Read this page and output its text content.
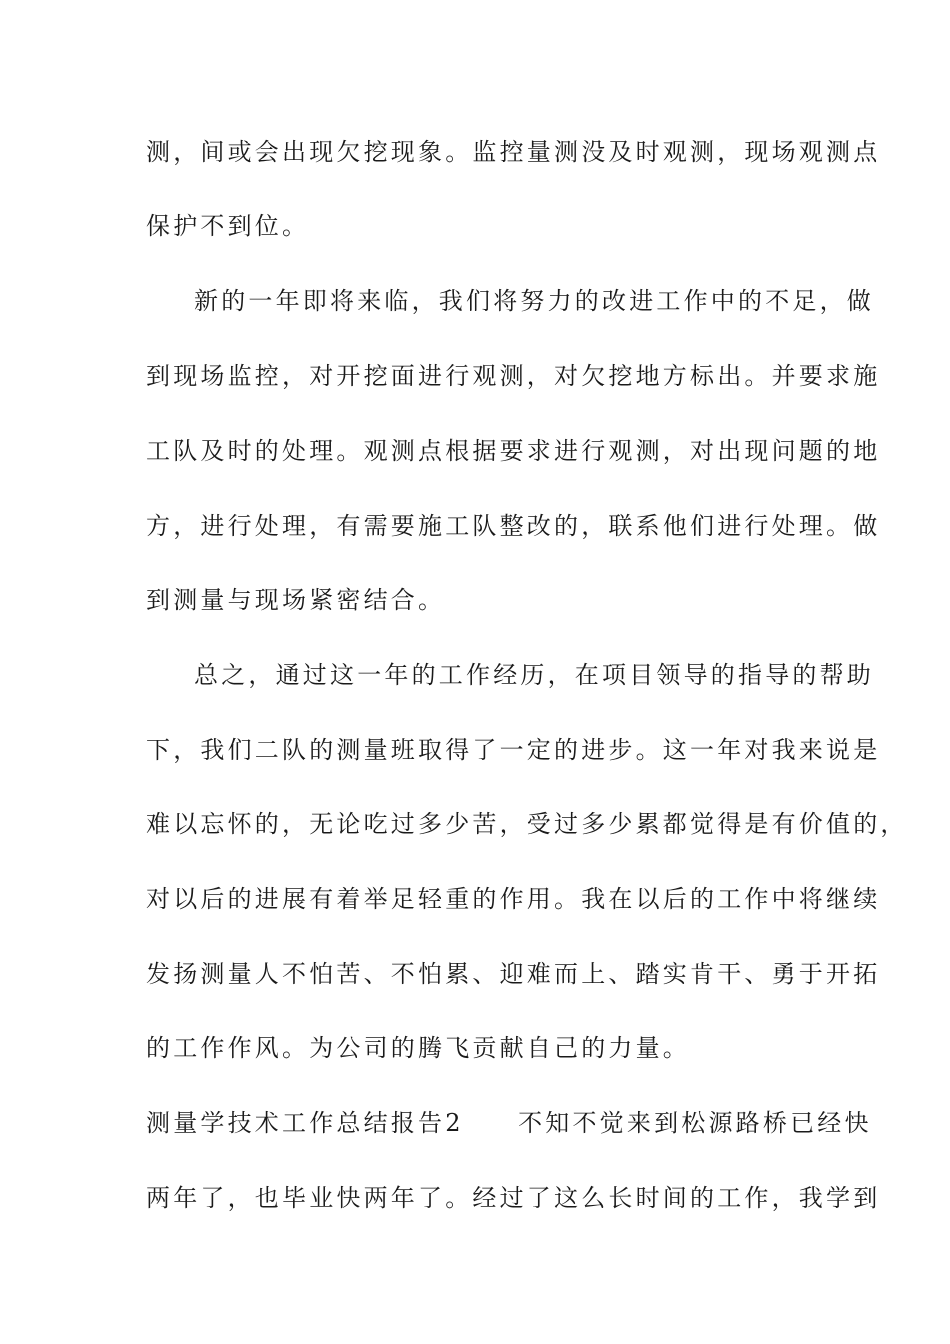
测，间或会出现欠挖现象。监控量测没及时观测，现场观测点

保护不到位。

新的一年即将来临，我们将努力的改进工作中的不足，做

到现场监控，对开挖面进行观测，对欠挖地方标出。并要求施

工队及时的处理。观测点根据要求进行观测，对出现问题的地

方，进行处理，有需要施工队整改的，联系他们进行处理。做

到测量与现场紧密结合。

总之，通过这一年的工作经历，在项目领导的指导的帮助

下，我们二队的测量班取得了一定的进步。这一年对我来说是

难以忘怀的，无论吃过多少苦，受过多少累都觉得是有价值的，

对以后的进展有着举足轻重的作用。我在以后的工作中将继续

发扬测量人不怕苦、不怕累、迎难而上、踏实肯干、勇于开拓

的工作作风。为公司的腾飞贡献自己的力量。

测量学技术工作总结报告2　　不知不觉来到松源路桥已经快

两年了，也毕业快两年了。经过了这么长时间的工作，我学到
